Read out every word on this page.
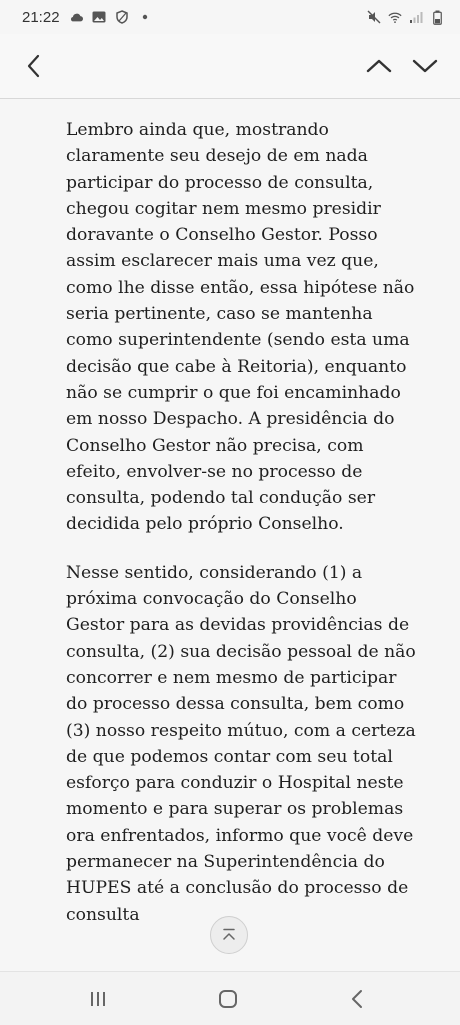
21:22

Lembro ainda que, mostrando claramente seu desejo de em nada participar do processo de consulta, chegou cogitar nem mesmo presidir doravante o Conselho Gestor. Posso assim esclarecer mais uma vez que, como lhe disse então, essa hipótese não seria pertinente, caso se mantenha como superintendente (sendo esta uma decisão que cabe à Reitoria), enquanto não se cumprir o que foi encaminhado em nosso Despacho. A presidência do Conselho Gestor não precisa, com efeito, envolver-se no processo de consulta, podendo tal condução ser decidida pelo próprio Conselho.

Nesse sentido, considerando (1) a próxima convocação do Conselho Gestor para as devidas providências de consulta, (2) sua decisão pessoal de não concorrer e nem mesmo de participar do processo dessa consulta, bem como (3) nosso respeito mútuo, com a certeza de que podemos contar com seu total esforço para conduzir o Hospital neste momento e para superar os problemas ora enfrentados, informo que você deve permanecer na Superintendência do HUPES até a conclusão do processo de consulta
